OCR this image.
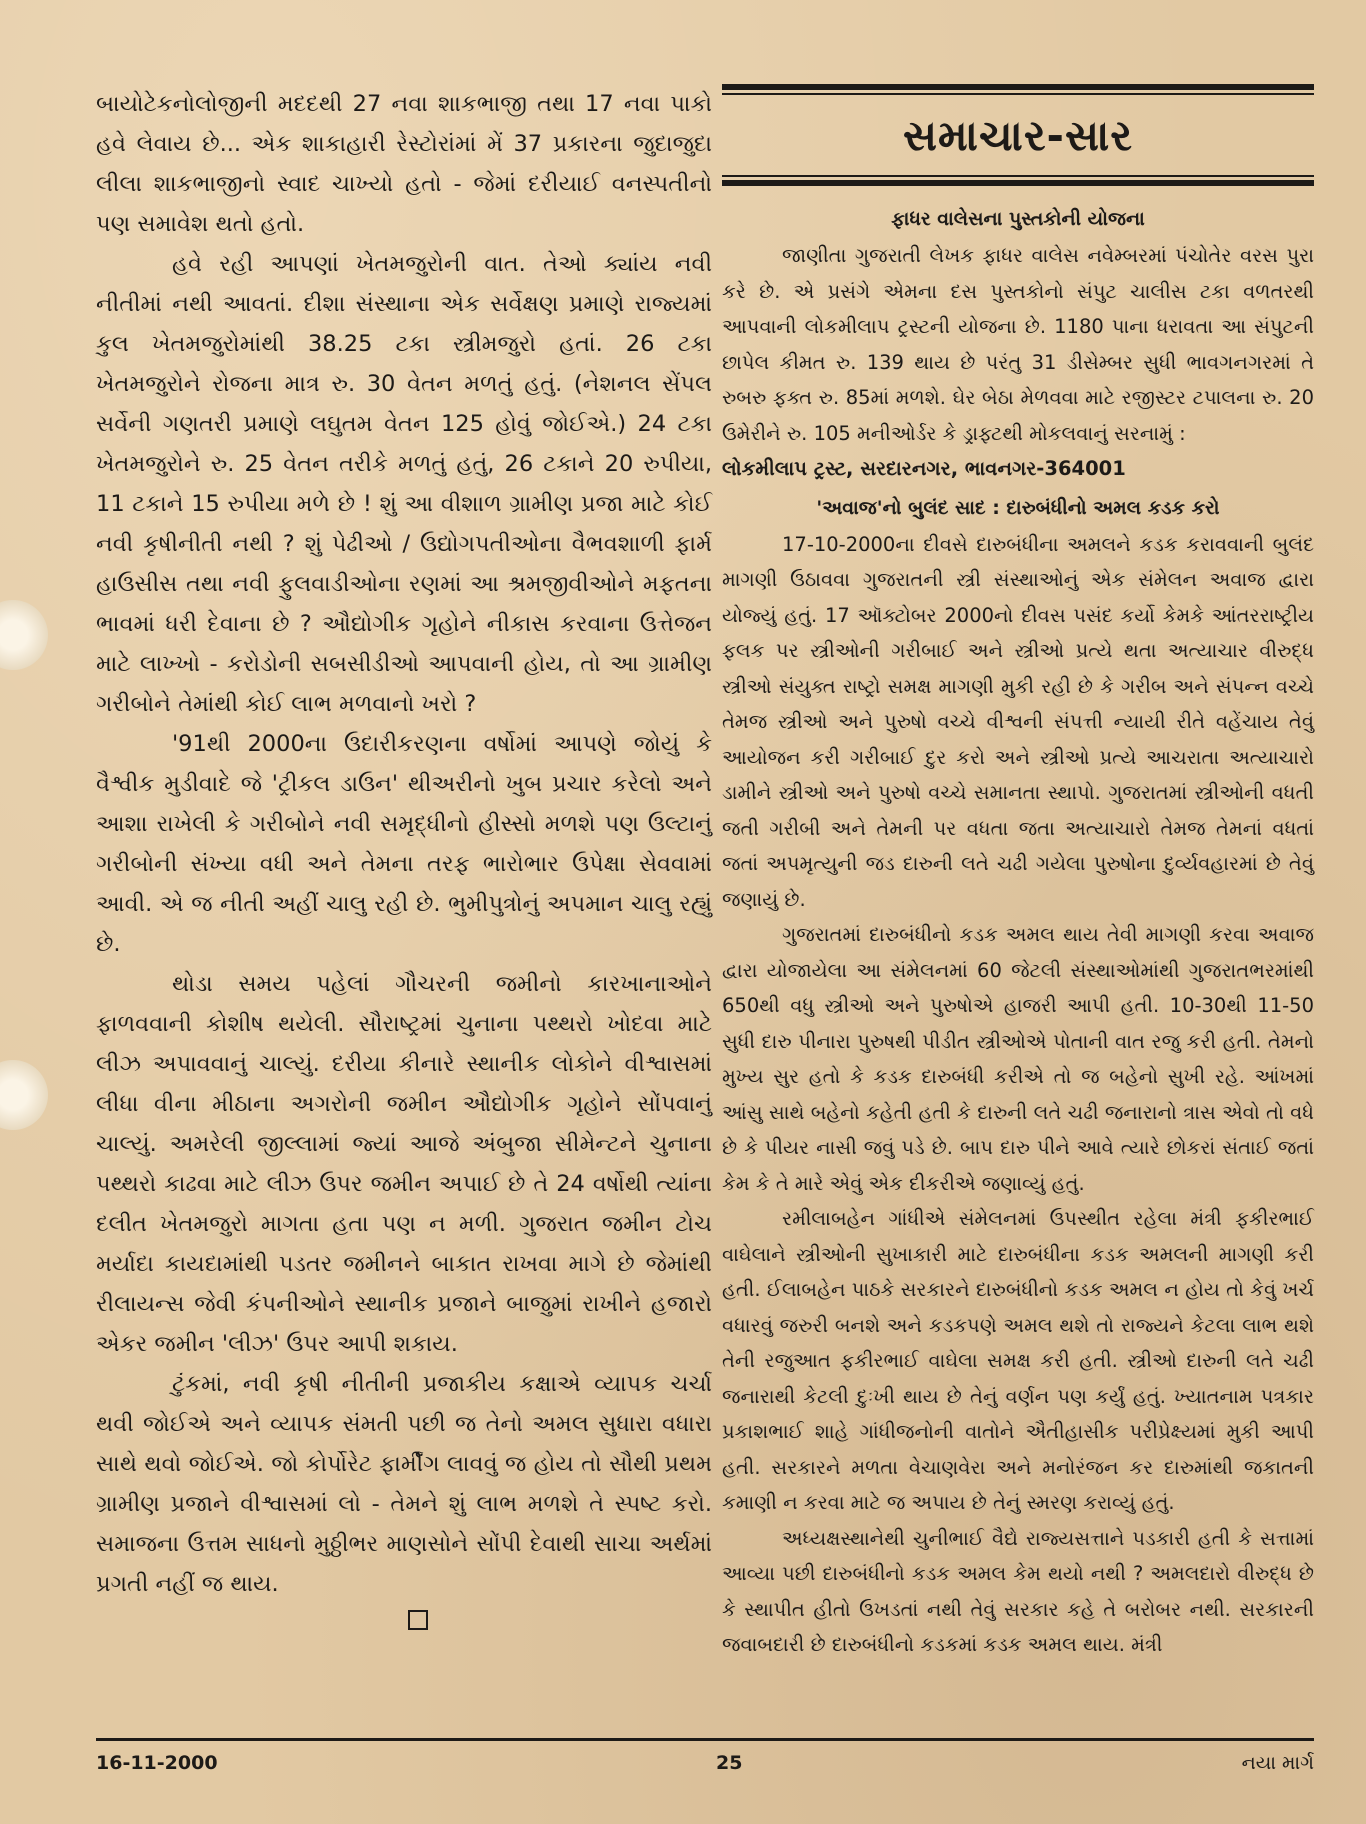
બાયોટેકનોલોજીની મદદથી 27 નવા શાકભાજી તથા 17 નવા પાકો હવે લેવાય છે... એક શાકાહારી રેસ્ટોરાંમાં મેં 37 પ્રકારના જુદાજુદા લીલા શાકભાજીનો સ્વાદ ચાખ્યો હતો - જેમાં દરીયાઈ વનસ્પતીનો પણ સમાવેશ થતો હતો.

હવે રહી આપણાં ખેતમજુરોની વાત. તેઓ ક્યાંય નવી નીતીમાં નથી આવતાં. દીશા સંસ્થાના એક સર્વેક્ષણ પ્રમાણે રાજ્યમાં કુલ ખેતમજુરોમાંથી 38.25 ટકા સ્ત્રીમજુરો હતાં. 26 ટકા ખેતમજુરોને રોજના માત્ર રુ. 30 વેતન મળતું હતું. (નેશનલ સેંપલ સર્વેની ગણતરી પ્રમાણે લઘુતમ વેતન 125 હોવું જોઈએ.) 24 ટકા ખેતમજુરોને રુ. 25 વેતન તરીકે મળતું હતું, 26 ટકાને 20 રુપીયા, 11 ટકાને 15 રુપીયા મળે છે ! શું આ વીશાળ ગ્રામીણ પ્રજા માટે કોઈ નવી કૃષીનીતી નથી ? શું પેઢીઓ / ઉદ્યોગપતીઓના વૈભવશાળી ફાર્મ હાઉસીસ તથા નવી ફુલવાડીઓના રણમાં આ શ્રમજીવીઓને મફતના ભાવમાં ધરી દેવાના છે ? ઔદ્યોગીક ગૃહોને નીકાસ કરવાના ઉત્તેજન માટે લાખ્ખો - કરોડોની સબસીડીઓ આપવાની હોય, તો આ ગ્રામીણ ગરીબોને તેમાંથી કોઈ લાભ મળવાનો ખરો ?

'91થી 2000ના ઉદારીકરણના વર્ષોમાં આપણે જોયું કે વૈશ્વીક મુડીવાદે જે 'ટ્રીકલ ડાઉન' થીઅરીનો ખુબ પ્રચાર કરેલો અને આશા રાખેલી કે ગરીબોને નવી સમૃદ્ધીનો હીસ્સો મળશે પણ ઉલ્ટાનું ગરીબોની સંખ્યા વધી અને તેમના તરફ ભારોભાર ઉપેક્ષા સેવવામાં આવી. એ જ નીતી અહીં ચાલુ રહી છે. ભુમીપુત્રોનું અપમાન ચાલુ રહ્યું છે.

થોડા સમય પહેલાં ગૌચરની જમીનો કારખાનાઓને ફાળવવાની કોશીષ થયેલી. સૌરાષ્ટ્રમાં ચુનાના પથ્થરો ખોદવા માટે લીઝ અપાવવાનું ચાલ્યું. દરીયા કીનારે સ્થાનીક લોકોને વીશ્વાસમાં લીધા વીના મીઠાના અગરોની જમીન ઔદ્યોગીક ગૃહોને સોંપવાનું ચાલ્યું. અમરેલી જીલ્લામાં જ્યાં આજે અંબુજા સીમેન્ટને ચુનાના પથ્થરો કાઢવા માટે લીઝ ઉપર જમીન અપાઈ છે તે 24 વર્ષોથી ત્યાંના દલીત ખેતમજુરો માગતા હતા પણ ન મળી. ગુજરાત જમીન ટોચ મર્યાદા કાયદામાંથી પડતર જમીનને બાકાત રાખવા માગે છે જેમાંથી રીલાયન્સ જેવી કંપનીઓને સ્થાનીક પ્રજાને બાજુમાં રાખીને હજારો એકર જમીન 'લીઝ' ઉપર આપી શકાય.

ટુંકમાં, નવી કૃષી નીતીની પ્રજાકીય કક્ષાએ વ્યાપક ચર્ચા થવી જોઈએ અને વ્યાપક સંમતી પછી જ તેનો અમલ સુધારા વધારા સાથે થવો જોઈએ. જો કોર્પોરેટ ફાર્મીંગ લાવવું જ હોય તો સૌથી પ્રથમ ગ્રામીણ પ્રજાને વીશ્વાસમાં લો - તેમને શું લાભ મળશે તે સ્પષ્ટ કરો. સમાજના ઉત્તમ સાધનો મુઠ્ઠીભર માણસોને સોંપી દેવાથી સાચા અર્થમાં પ્રગતી નહીં જ થાય.

સમાચાર-સાર
ફાધર વાલેસના પુસ્તકોની યોજના

જાણીતા ગુજરાતી લેખક ફાધર વાલેસ નવેમ્બરમાં પંચોતેર વરસ પુરા કરે છે. એ પ્રસંગે એમના દસ પુસ્તકોનો સંપુટ ચાલીસ ટકા વળતરથી આપવાની લોકમીલાપ ટ્રસ્ટની યોજના છે. 1180 પાના ધરાવતા આ સંપુટની છાપેલ કીમત રુ. 139 થાય છે પરંતુ 31 ડીસેમ્બર સુધી ભાવગનગરમાં તે રુબરુ ફક્ત રુ. 85માં મળશે. ઘેર બેઠા મેળવવા માટે રજીસ્ટર ટપાલના રુ. 20 ઉમેરીને રુ. 105 મનીઓર્ડર કે ડ્રાફ્ટથી મોકલવાનું સરનામું :

લોકમીલાપ ટ્રસ્ટ, સરદારનગર, ભાવનગર-364001

'અવાજ'નો બુલંદ સાદ : દારુબંધીનો અમલ કડક કરો

17-10-2000ના દીવસે દારુબંધીના અમલને કડક કરાવવાની બુલંદ માગણી ઉઠાવવા ગુજરાતની સ્ત્રી સંસ્થાઓનું એક સંમેલન અવાજ દ્વારા યોજ્યું હતું. 17 ઑક્ટોબર 2000નો દીવસ પસંદ કર્યો કેમકે આંતરરાષ્ટ્રીય ફલક પર સ્ત્રીઓની ગરીબાઈ અને સ્ત્રીઓ પ્રત્યે થતા અત્યાચાર વીરુદ્ધ સ્ત્રીઓ સંયુક્ત રાષ્ટ્રો સમક્ષ માગણી મુકી રહી છે કે ગરીબ અને સંપન્ન વચ્ચે તેમજ સ્ત્રીઓ અને પુરુષો વચ્ચે વીશ્વની સંપત્તી ન્યાયી રીતે વહેંચાય તેવું આયોજન કરી ગરીબાઈ દુર કરો અને સ્ત્રીઓ પ્રત્યે આચરાતા અત્યાચારો ડામીને સ્ત્રીઓ અને પુરુષો વચ્ચે સમાનતા સ્થાપો. ગુજરાતમાં સ્ત્રીઓની વધતી જતી ગરીબી અને તેમની પર વધતા જતા અત્યાચારો તેમજ તેમનાં વધતાં જતાં અપમૃત્યુની જડ દારુની લતે ચઢી ગયેલા પુરુષોના દુર્વ્યવહારમાં છે તેવું જણાયું છે.

ગુજરાતમાં દારુબંધીનો કડક અમલ થાય તેવી માગણી કરવા અવાજ દ્વારા યોજાયેલા આ સંમેલનમાં 60 જેટલી સંસ્થાઓમાંથી ગુજરાતભરમાંથી 650થી વધુ સ્ત્રીઓ અને પુરુષોએ હાજરી આપી હતી. 10-30થી 11-50 સુધી દારુ પીનારા પુરુષથી પીડીત સ્ત્રીઓએ પોતાની વાત રજુ કરી હતી. તેમનો મુખ્ય સુર હતો કે કડક દારુબંધી કરીએ તો જ બહેનો સુખી રહે. આંખમાં આંસુ સાથે બહેનો કહેતી હતી કે દારુની લતે ચઢી જનારાનો ત્રાસ એવો તો વધે છે કે પીયર નાસી જવું પડે છે. બાપ દારુ પીને આવે ત્યારે છોકરાં સંતાઈ જતાં કેમ કે તે મારે એવું એક દીકરીએ જણાવ્યું હતું.

રમીલાબહેન ગાંધીએ સંમેલનમાં ઉપસ્થીત રહેલા મંત્રી ફકીરભાઈ વાઘેલાને સ્ત્રીઓની સુખાકારી માટે દારુબંધીના કડક અમલની માગણી કરી હતી. ઈલાબહેન પાઠકે સરકારને દારુબંધીનો કડક અમલ ન હોય તો કેવું ખર્ચ વધારવું જરુરી બનશે અને કડકપણે અમલ થશે તો રાજ્યને કેટલા લાભ થશે તેની રજુઆત ફકીરભાઈ વાઘેલા સમક્ષ કરી હતી. સ્ત્રીઓ દારુની લતે ચઢી જનારાથી કેટલી દુઃખી થાય છે તેનું વર્ણન પણ કર્યું હતું. ખ્યાતનામ પત્રકાર પ્રકાશભાઈ શાહે ગાંધીજનોની વાતોને ઐતીહાસીક પરીપ્રેક્ષ્યમાં મુકી આપી હતી. સરકારને મળતા વેચાણવેરા અને મનોરંજન કર દારુમાંથી જકાતની કમાણી ન કરવા માટે જ અપાય છે તેનું સ્મરણ કરાવ્યું હતું.

અધ્યક્ષસ્થાનેથી ચુનીભાઈ વૈદ્યે રાજ્યસત્તાને પડકારી હતી કે સત્તામાં આવ્યા પછી દારુબંધીનો કડક અમલ કેમ થયો નથી ? અમલદારો વીરુદ્ધ છે કે સ્થાપીત હીતો ઉખડતાં નથી તેવું સરકાર કહે તે બરોબર નથી. સરકારની જવાબદારી છે દારુબંધીનો કડકમાં કડક અમલ થાય. મંત્રી

16-11-2000	25	નયા માર્ગ
